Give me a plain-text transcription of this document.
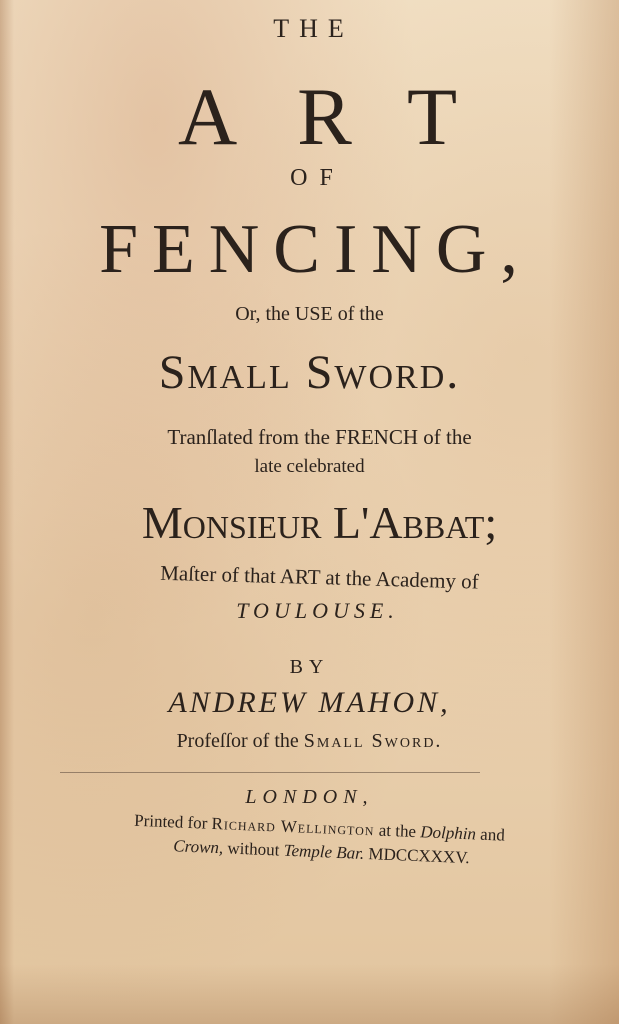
THE
ART
OF
FENCING,
Or, the USE of the
Small Sword.
Tranſlated from the FRENCH of the
late celebrated
Monſieur L'Abbat;
Maſter of that ART at the Academy of
TOULOUSE.
BY
ANDREW MAHON,
Profeſſor of the Small Sword.
LONDON,
Printed for Richard Wellington at the Dolphin and
Crown, without Temple Bar. MDCCXXXV.
